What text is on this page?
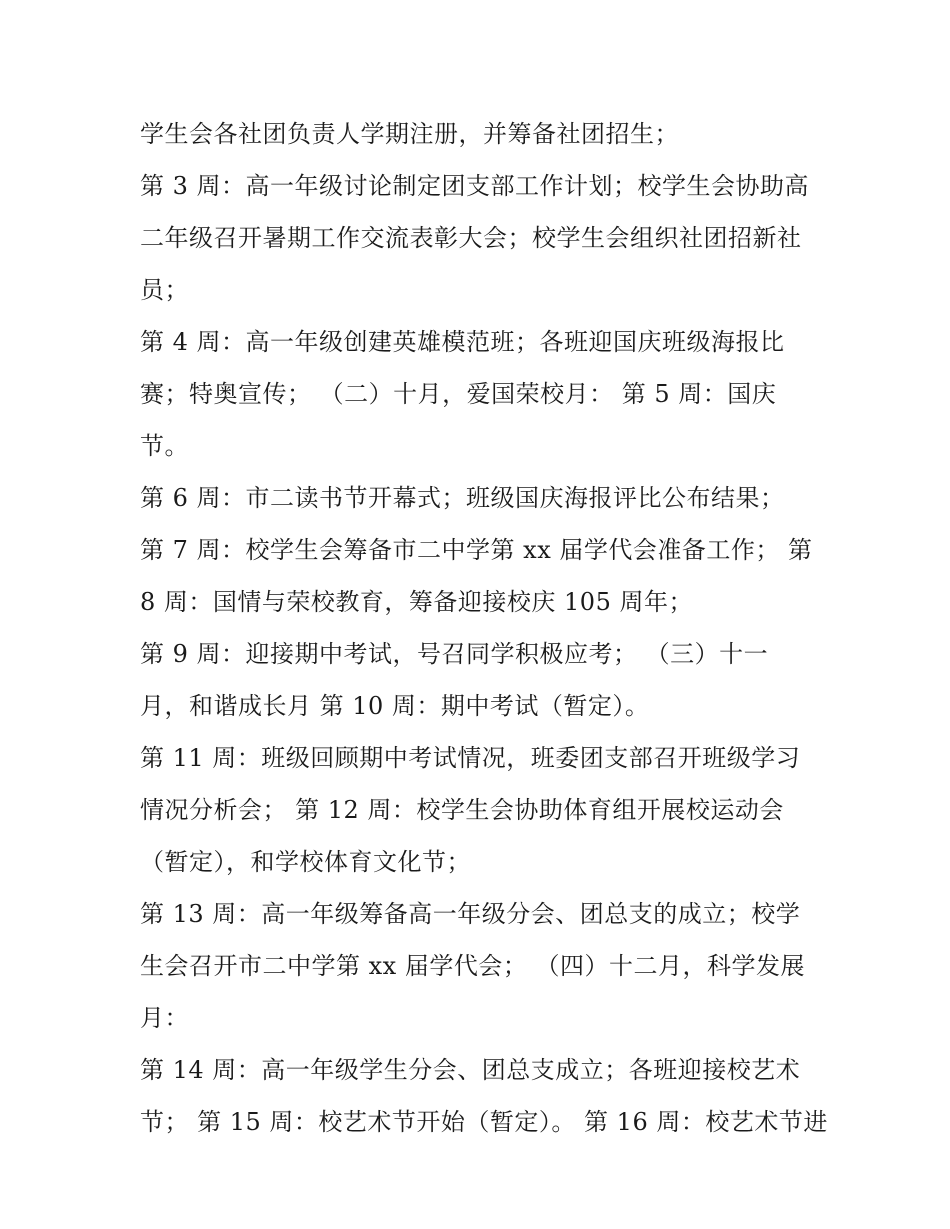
学生会各社团负责人学期注册，并筹备社团招生；
第 3 周：高一年级讨论制定团支部工作计划；校学生会协助高
二年级召开暑期工作交流表彰大会；校学生会组织社团招新社
员；
第 4 周：高一年级创建英雄模范班；各班迎国庆班级海报比
赛；特奥宣传； （二）十月，爱国荣校月： 第 5 周：国庆
节。
第 6 周：市二读书节开幕式；班级国庆海报评比公布结果；
第 7 周：校学生会筹备市二中学第 xx 届学代会准备工作； 第
8 周：国情与荣校教育，筹备迎接校庆 105 周年；
第 9 周：迎接期中考试，号召同学积极应考； （三）十一
月，和谐成长月 第 10 周：期中考试（暂定）。
第 11 周：班级回顾期中考试情况，班委团支部召开班级学习
情况分析会； 第 12 周：校学生会协助体育组开展校运动会
（暂定），和学校体育文化节；
第 13 周：高一年级筹备高一年级分会、团总支的成立；校学
生会召开市二中学第 xx 届学代会； （四）十二月，科学发展
月：
第 14 周：高一年级学生分会、团总支成立；各班迎接校艺术
节； 第 15 周：校艺术节开始（暂定）。 第 16 周：校艺术节进
